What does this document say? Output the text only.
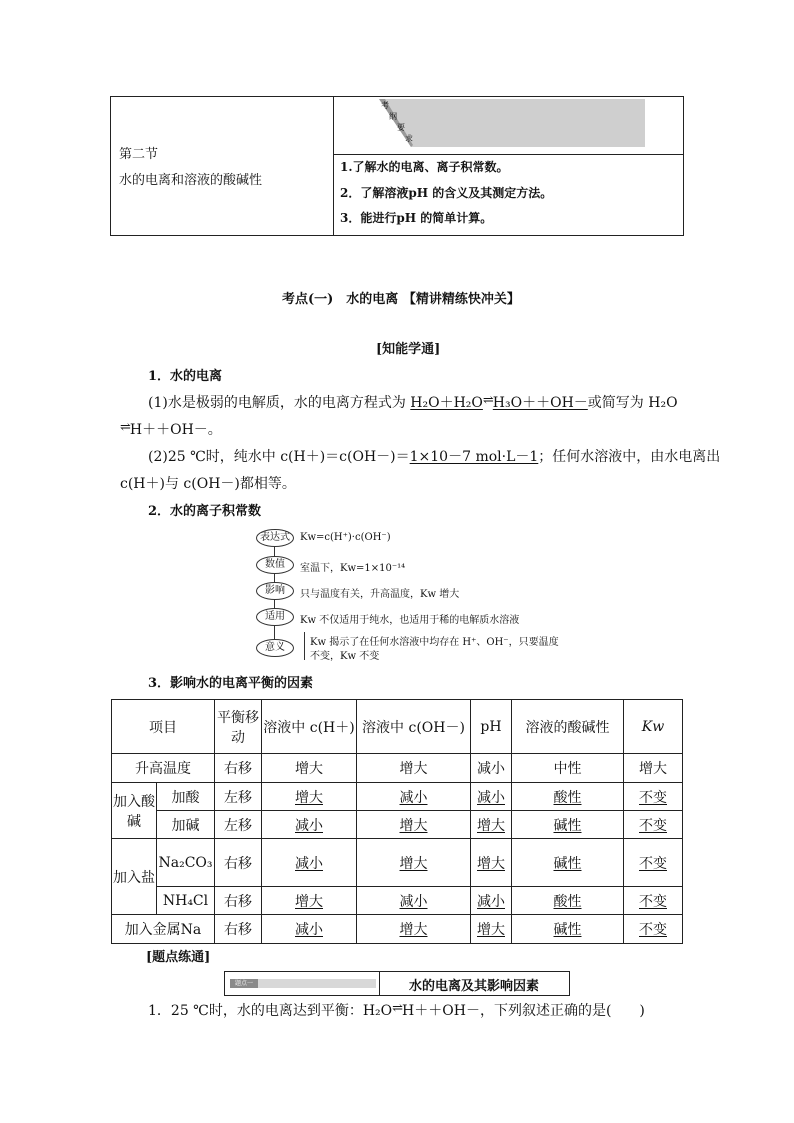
第二节
水的电离和溶液的酸碱性
考
纲
要
求
1.了解水的电离、离子积常数。
2．了解溶液pH 的含义及其测定方法。
3．能进行pH 的简单计算。
考点(一)　水的电离 【精讲精练快冲关】
[知能学通]
1．水的电离
(1)水是极弱的电解质，水的电离方程式为 H₂O＋H₂O⇌H₃O＋＋OH－或简写为 H₂O
⇌H＋＋OH－。
(2)25 ℃时，纯水中 c(H＋)＝c(OH－)＝1×10－7 mol·L－1；任何水溶液中，由水电离出
c(H＋)与 c(OH－)都相等。
2．水的离子积常数
表达式	Kw=c(H⁺)·c(OH⁻)
数值	室温下，Kw=1×10⁻¹⁴
影响	只与温度有关，升高温度，Kw 增大
适用	Kw 不仅适用于纯水，也适用于稀的电解质水溶液
意义	Kw 揭示了在任何水溶液中均存在 H⁺、OH⁻，只要温度
不变，Kw 不变
3．影响水的电离平衡的因素
项目		平衡移动	溶液中 c(H＋)	溶液中 c(OH－)	pH	溶液的酸碱性	Kw
升高温度		右移	增大	增大	减小	中性	增大
加入酸碱	加酸	左移	增大	减小	减小	酸性	不变
	加碱	左移	减小	增大	增大	碱性	不变
加入盐	Na₂CO₃	右移	减小	增大	增大	碱性	不变
	NH₄Cl	右移	增大	减小	减小	酸性	不变
加入金属Na		右移	减小	增大	增大	碱性	不变
[题点练通]
题点一	水的电离及其影响因素
1．25 ℃时，水的电离达到平衡：H₂O⇌H＋＋OH－，下列叙述正确的是(　　)
